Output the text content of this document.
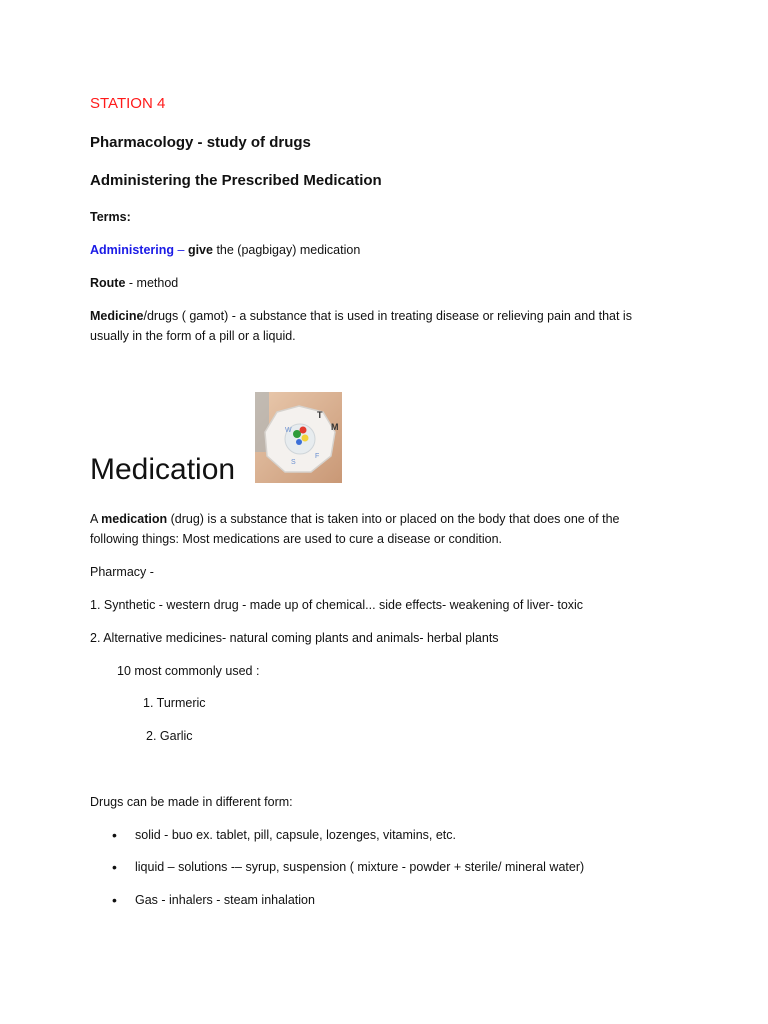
STATION 4
Pharmacology - study of drugs
Administering the Prescribed Medication
Terms:
Administering – give the (pagbigay) medication
Route - method
Medicine/drugs ( gamot) - a substance that is used in treating disease or relieving pain and that is usually in the form of a pill or a liquid.
T
M
W
F
S
Medication
A medication (drug) is a substance that is taken into or placed on the body that does one of the following things: Most medications are used to cure a disease or condition.
Pharmacy -
1. Synthetic - western drug - made up of chemical... side effects- weakening of liver- toxic
2. Alternative medicines- natural coming plants and animals- herbal plants
10 most commonly used :
1. Turmeric
2. Garlic
Drugs can be made in different form:
• solid - buo ex. tablet, pill, capsule, lozenges, vitamins, etc.
• liquid – solutions -– syrup, suspension ( mixture - powder + sterile/ mineral water)
• Gas - inhalers - steam inhalation
